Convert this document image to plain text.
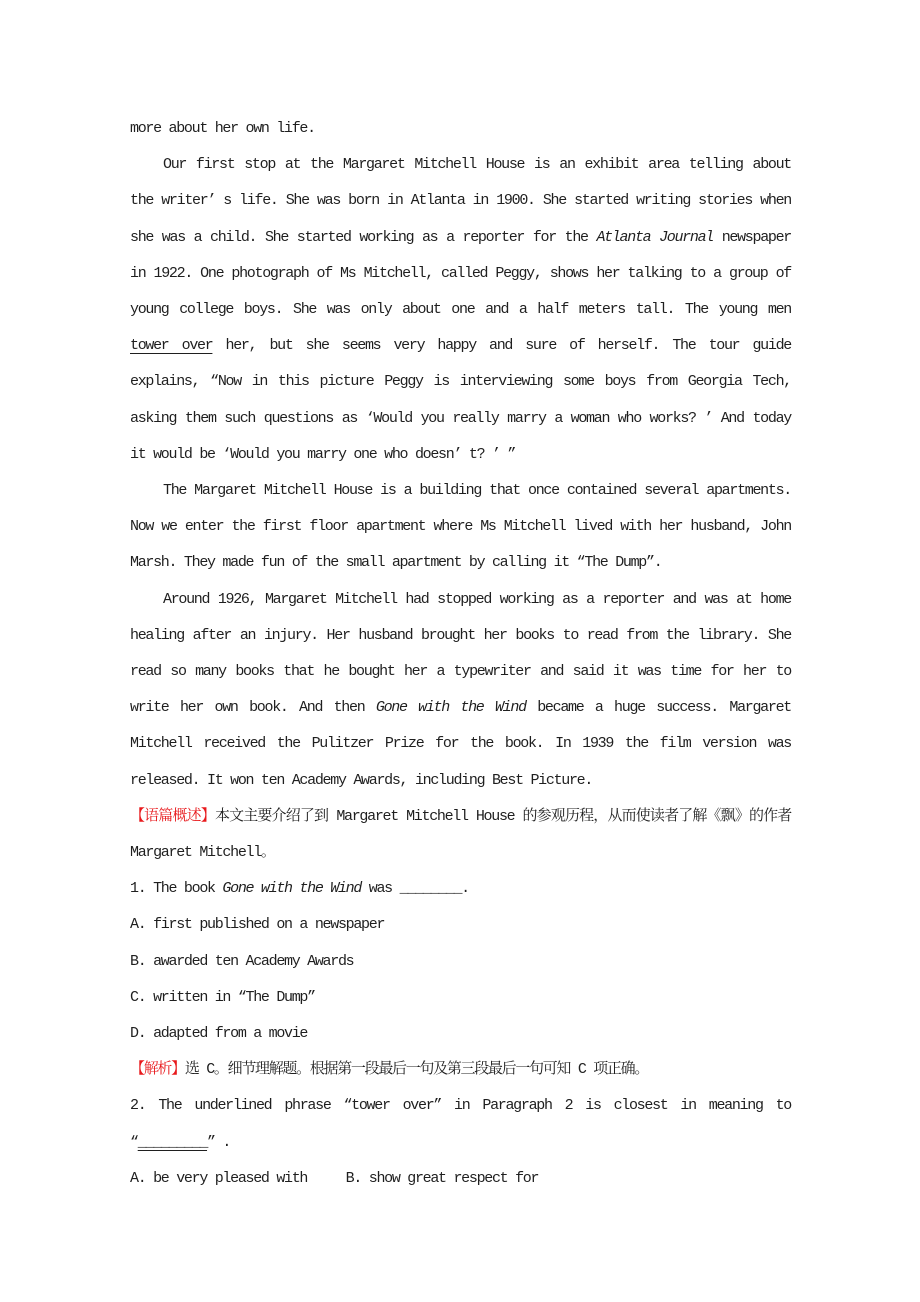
more about her own life.

Our first stop at the Margaret Mitchell House is an exhibit area telling about the writer’ s life. She was born in Atlanta in 1900. She started writing stories when she was a child. She started working as a reporter for the Atlanta Journal newspaper in 1922. One photograph of Ms Mitchell, called Peggy, shows her talking to a group of young college boys. She was only about one and a half meters tall. The young men tower over her, but she seems very happy and sure of herself. The tour guide explains, “Now in this picture Peggy is interviewing some boys from Georgia Tech, asking them such questions as ‘Would you really marry a woman who works? ’ And today it would be ‘Would you marry one who doesn’ t? ’ ”

The Margaret Mitchell House is a building that once contained several apartments. Now we enter the first floor apartment where Ms Mitchell lived with her husband, John Marsh. They made fun of the small apartment by calling it “The Dump”.

Around 1926, Margaret Mitchell had stopped working as a reporter and was at home healing after an injury. Her husband brought her books to read from the library. She read so many books that he bought her a typewriter and said it was time for her to write her own book. And then Gone with the Wind became a huge success. Margaret Mitchell received the Pulitzer Prize for the book. In 1939 the film version was released. It won ten Academy Awards, including Best Picture.

【语篇概述】本文主要介绍了到 Margaret Mitchell House 的参观历程，从而使读者了解《飘》的作者 Margaret Mitchell。

1. The book Gone with the Wind was ________.

A. first published on a newspaper

B. awarded ten Academy Awards

C. written in “The Dump”

D. adapted from a movie

【解析】选 C。细节理解题。根据第一段最后一句及第三段最后一句可知 C 项正确。

2. The underlined phrase “tower over” in Paragraph 2 is closest in meaning to “_________” .

A. be very pleased with     B. show great respect for
